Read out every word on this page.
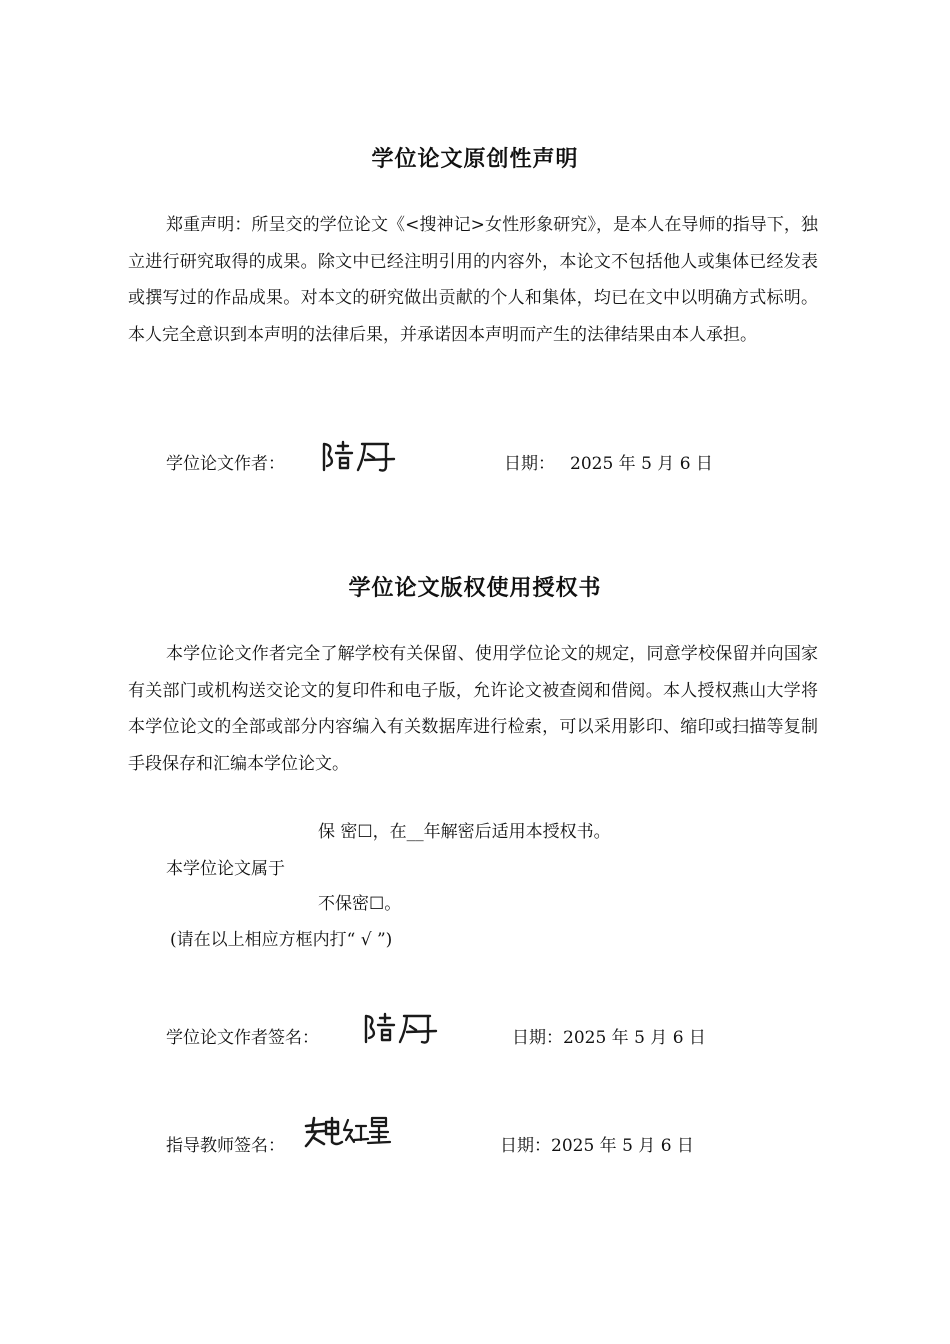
学位论文原创性声明

郑重声明：所呈交的学位论文《<搜神记>女性形象研究》，是本人在导师的指导下，独立进行研究取得的成果。除文中已经注明引用的内容外，本论文不包括他人或集体已经发表或撰写过的作品成果。对本文的研究做出贡献的个人和集体，均已在文中以明确方式标明。本人完全意识到本声明的法律后果，并承诺因本声明而产生的法律结果由本人承担。

学位论文作者：	日期： 2025 年 5 月 6 日
学位论文版权使用授权书

本学位论文作者完全了解学校有关保留、使用学位论文的规定，同意学校保留并向国家有关部门或机构送交论文的复印件和电子版，允许论文被查阅和借阅。本人授权燕山大学将本学位论文的全部或部分内容编入有关数据库进行检索，可以采用影印、缩印或扫描等复制手段保存和汇编本学位论文。

保 密☐，在__年解密后适用本授权书。
本学位论文属于
不保密☐。
(请在以上相应方框内打“ √ ”)
学位论文作者签名：	日期：2025 年 5 月 6 日
指导教师签名：	日期：2025 年 5 月 6 日
